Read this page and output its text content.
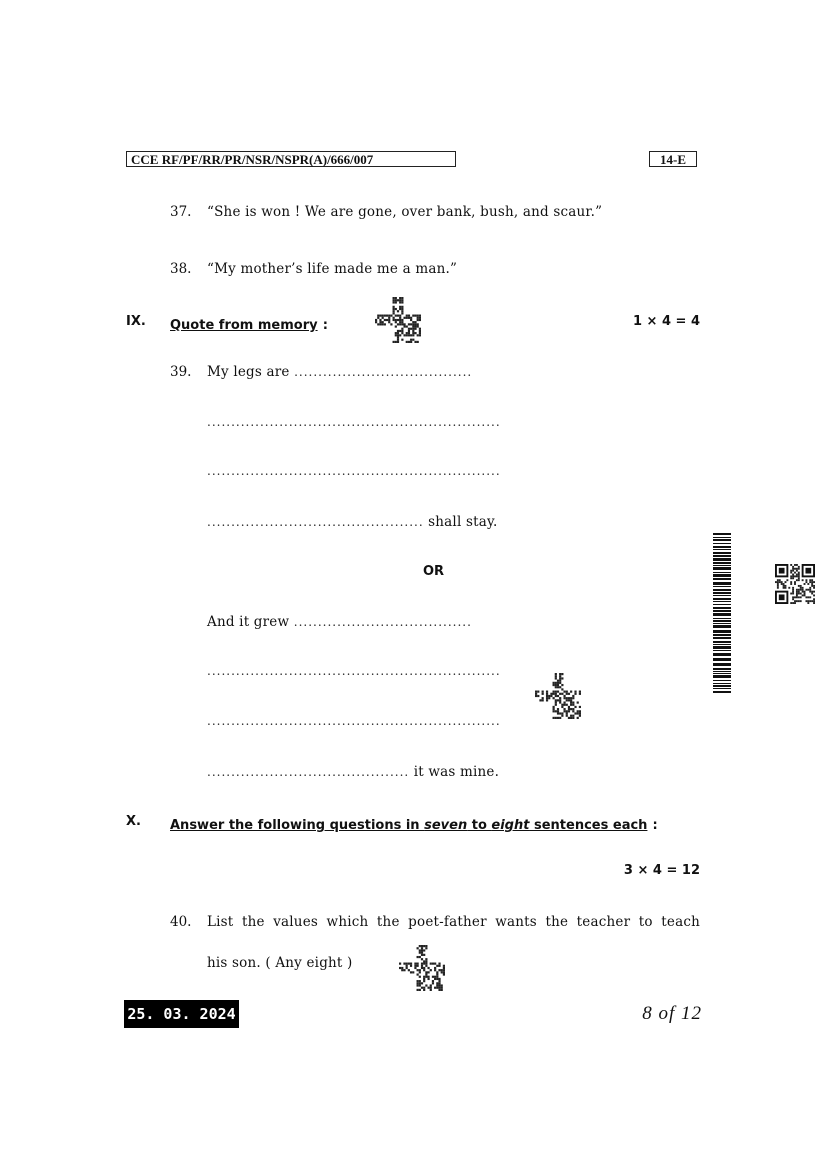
CCE RF/PF/RR/PR/NSR/NSPR(A)/666/007	14-E
37. “She is won ! We are gone, over bank, bush, and scaur.”
38. “My mother’s life made me a man.”
IX. Quote from memory :	1 × 4 = 4
39. My legs are .....................................
.............................................................
.............................................................
............................................. shall stay.
OR
And it grew .....................................
.............................................................
.............................................................
.......................................... it was mine.
X. Answer the following questions in seven to eight sentences each :
3 × 4 = 12
40. List the values which the poet-father wants the teacher to teach
his son. ( Any eight )
25. 03. 2024	8 of 12
